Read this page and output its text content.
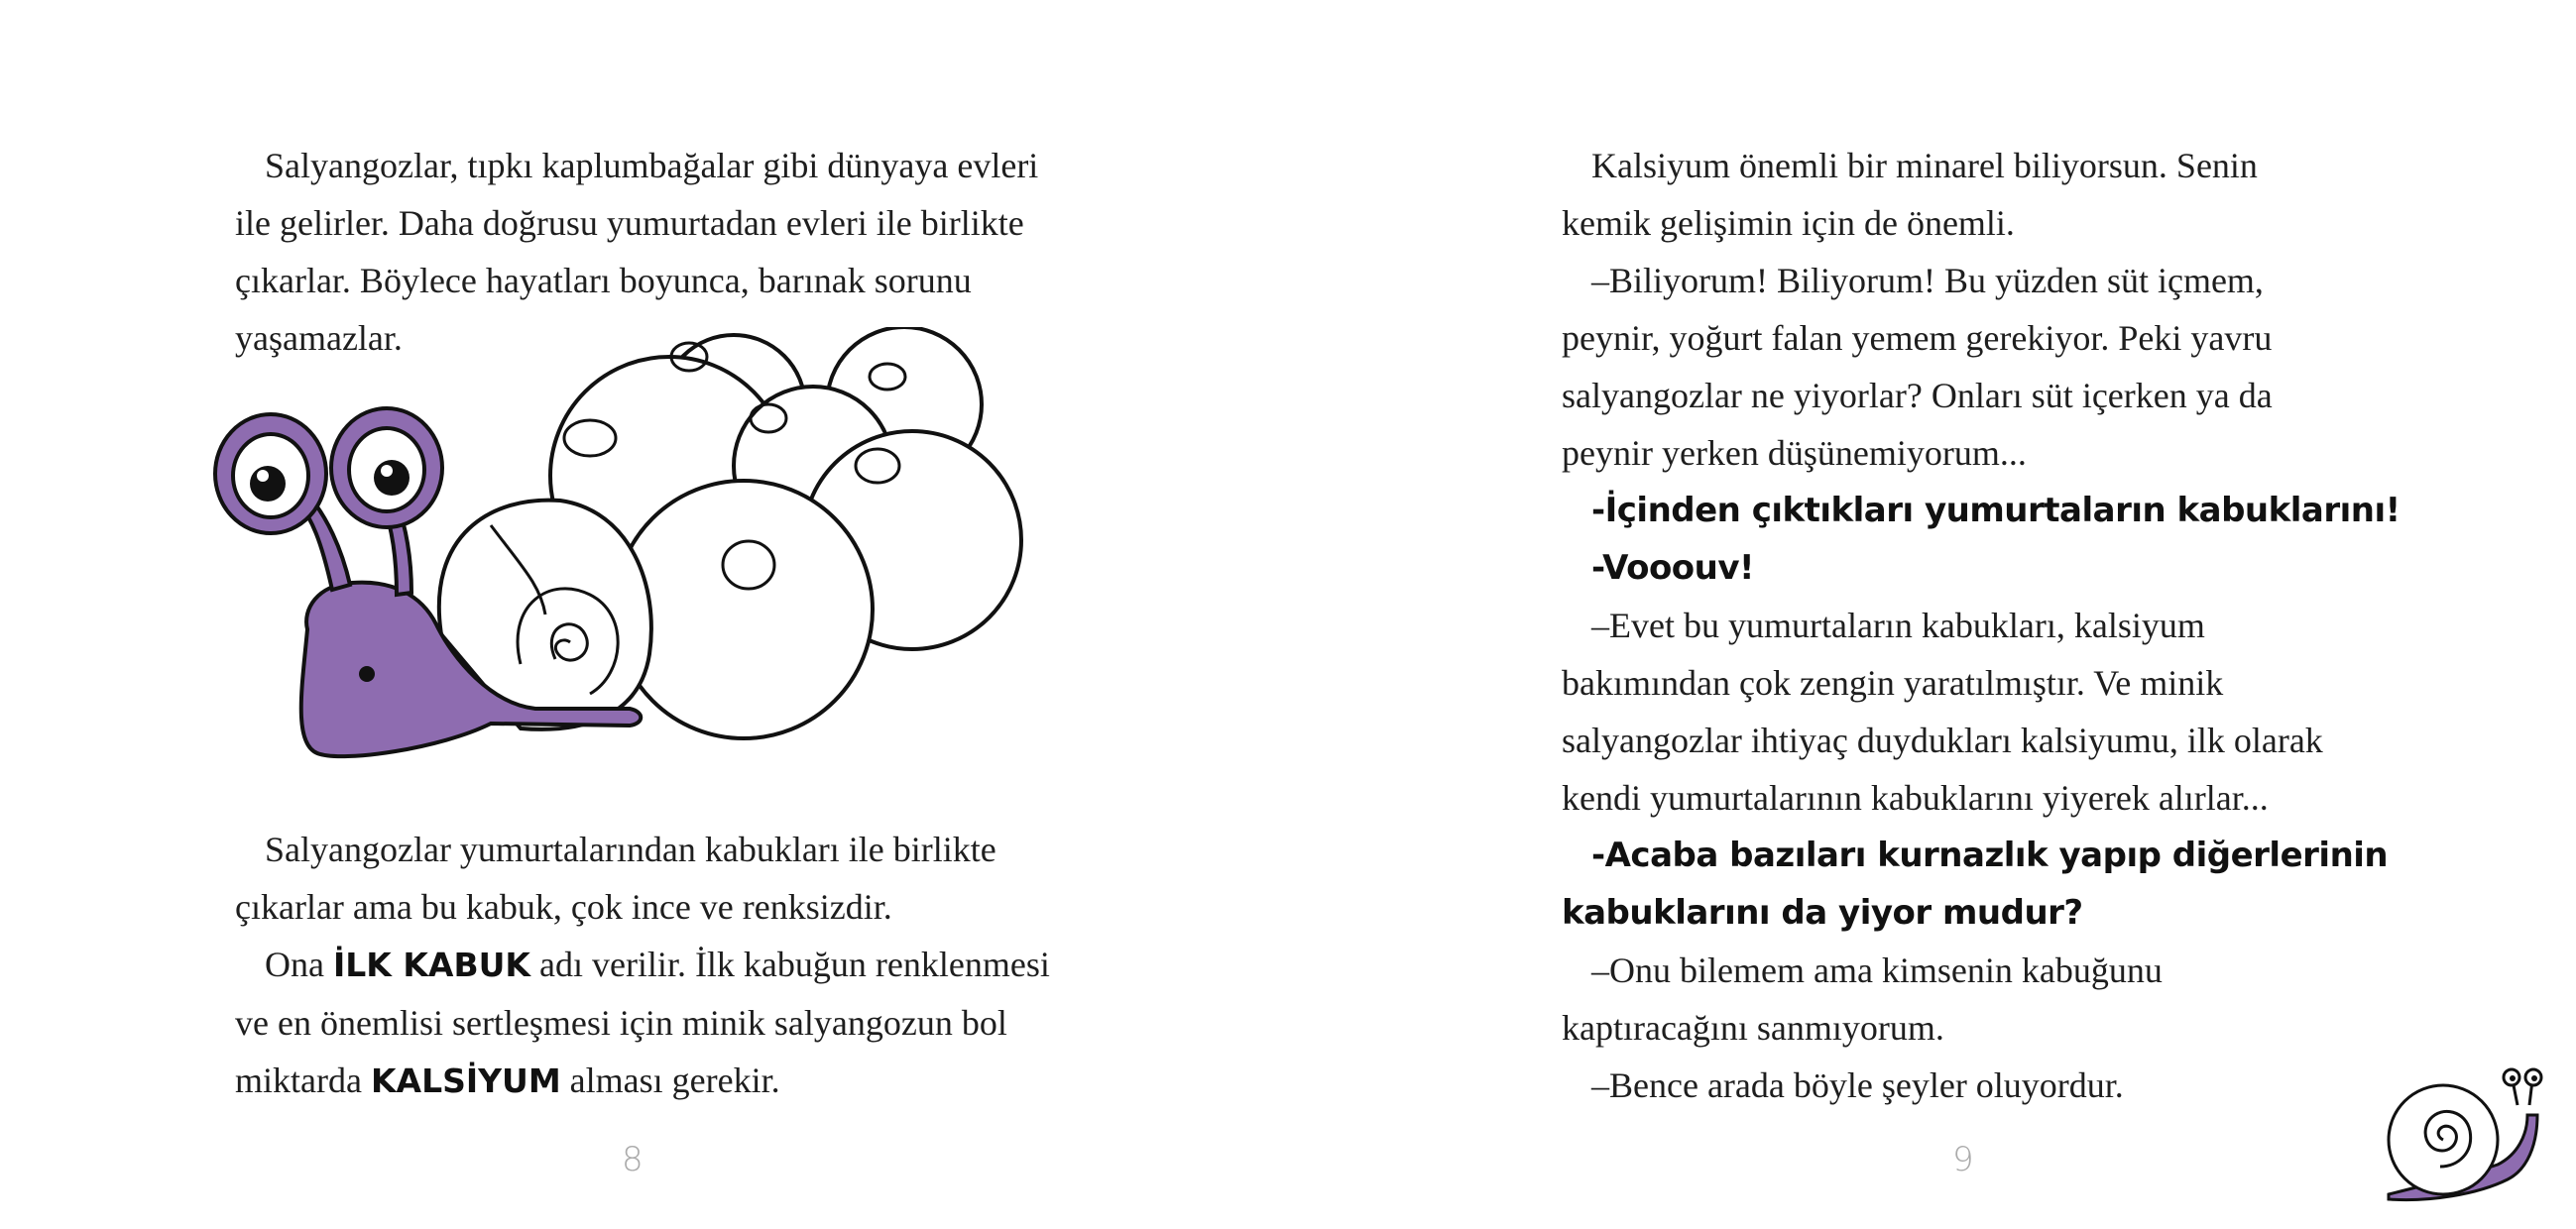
Salyangozlar, tıpkı kaplumbağalar gibi dünyaya evleri
ile gelirler. Daha doğrusu yumurtadan evleri ile birlikte
çıkarlar. Böylece hayatları boyunca, barınak sorunu
yaşamazlar.
Salyangozlar yumurtalarından kabukları ile birlikte
çıkarlar ama bu kabuk, çok ince ve renksizdir.
Ona İLK KABUK adı verilir. İlk kabuğun renklenmesi
ve en önemlisi sertleşmesi için minik salyangozun bol
miktarda KALSİYUM alması gerekir.
8
Kalsiyum önemli bir minarel biliyorsun. Senin
kemik gelişimin için de önemli.
–Biliyorum! Biliyorum! Bu yüzden süt içmem,
peynir, yoğurt falan yemem gerekiyor. Peki yavru
salyangozlar ne yiyorlar? Onları süt içerken ya da
peynir yerken düşünemiyorum...
-İçinden çıktıkları yumurtaların kabuklarını!
-Vooouv!
–Evet bu yumurtaların kabukları, kalsiyum
bakımından çok zengin yaratılmıştır. Ve minik
salyangozlar ihtiyaç duydukları kalsiyumu, ilk olarak
kendi yumurtalarının kabuklarını yiyerek alırlar...
-Acaba bazıları kurnazlık yapıp diğerlerinin
kabuklarını da yiyor mudur?
–Onu bilemem ama kimsenin kabuğunu
kaptıracağını sanmıyorum.
–Bence arada böyle şeyler oluyordur.
9
